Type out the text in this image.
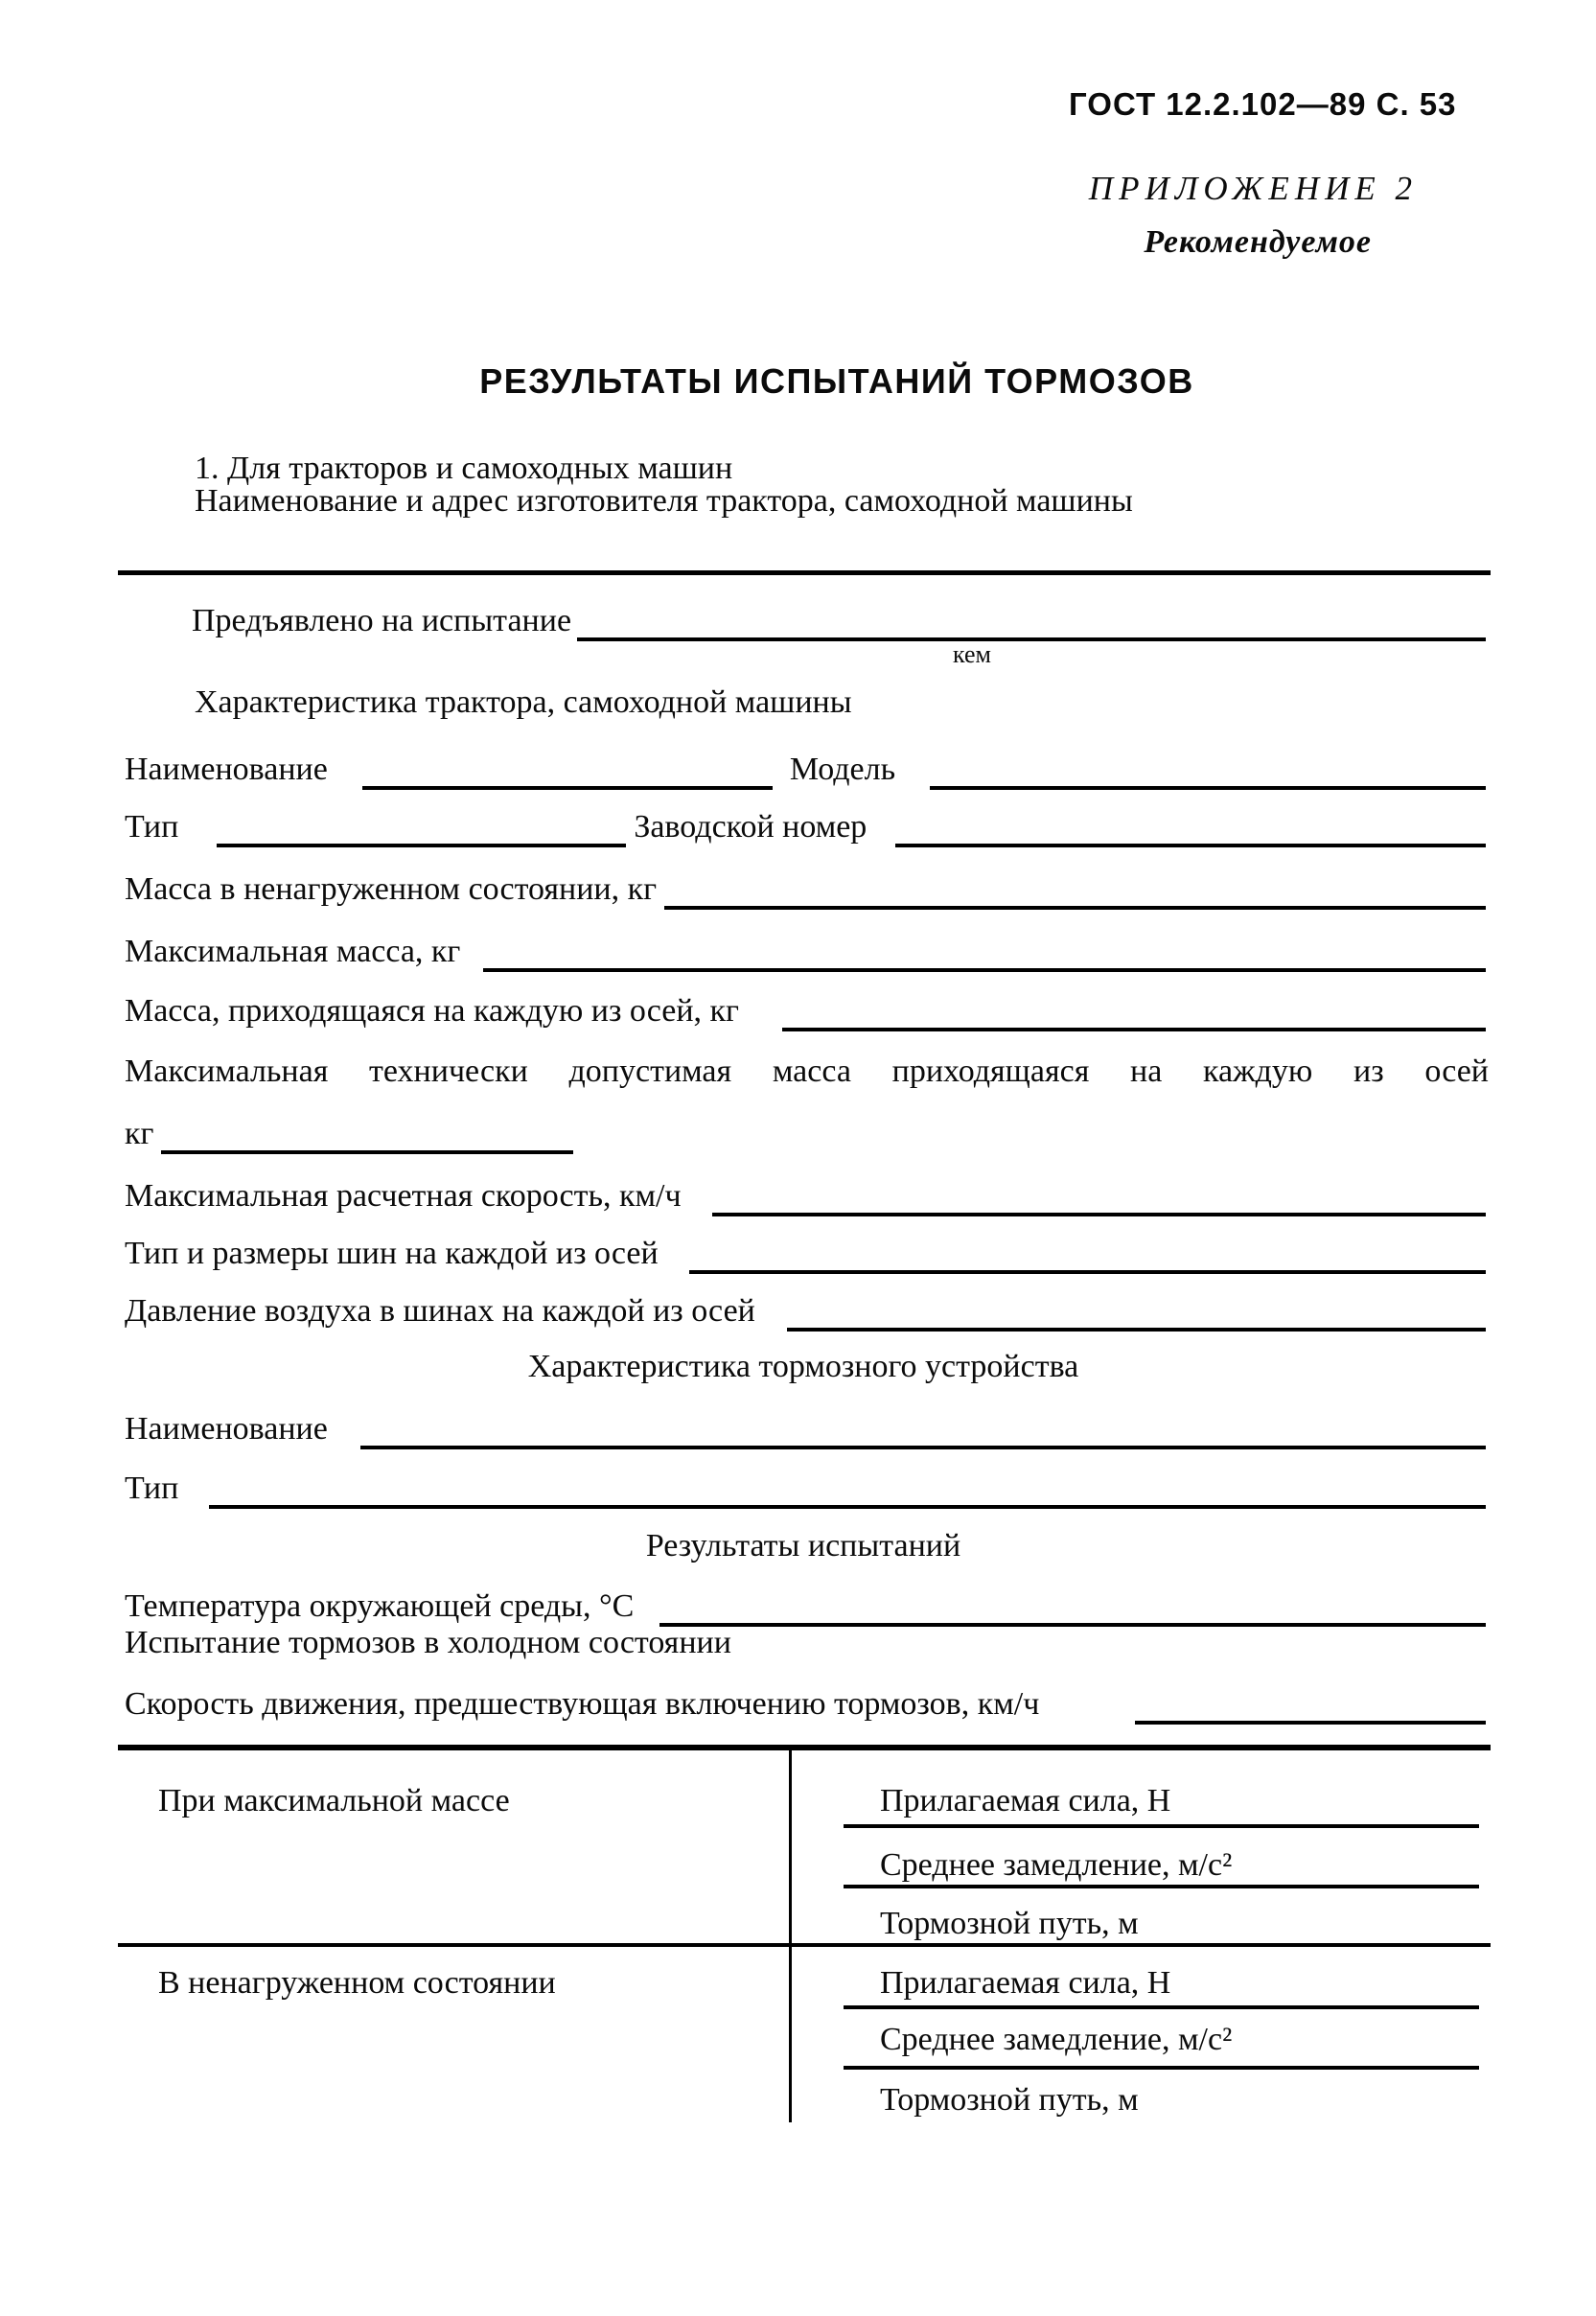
ГОСТ 12.2.102—89 С. 53
ПРИЛОЖЕНИЕ 2
Рекомендуемое
РЕЗУЛЬТАТЫ ИСПЫТАНИЙ ТОРМОЗОВ
1. Для тракторов и самоходных машин
Наименование и адрес изготовителя трактора, самоходной машины
Предъявлено на испытание
кем
Характеристика трактора, самоходной машины
Наименование	Модель
Тип	Заводской номер
Масса в ненагруженном состоянии, кг
Максимальная масса, кг
Масса, приходящаяся на каждую из осей, кг
Максимальная технически допустимая масса приходящаяся на каждую из осей
кг
Максимальная расчетная скорость, км/ч
Тип и размеры шин на каждой из осей
Давление воздуха в шинах на каждой из осей
Характеристика тормозного устройства
Наименование
Тип
Результаты испытаний
Температура окружающей среды, °С
Испытание тормозов в холодном состоянии
Скорость движения, предшествующая включению тормозов, км/ч
При максимальной массе	Прилагаемая сила, Н
Среднее замедление, м/с²
Тормозной путь, м
В ненагруженном состоянии	Прилагаемая сила, Н
Среднее замедление, м/с²
Тормозной путь, м
